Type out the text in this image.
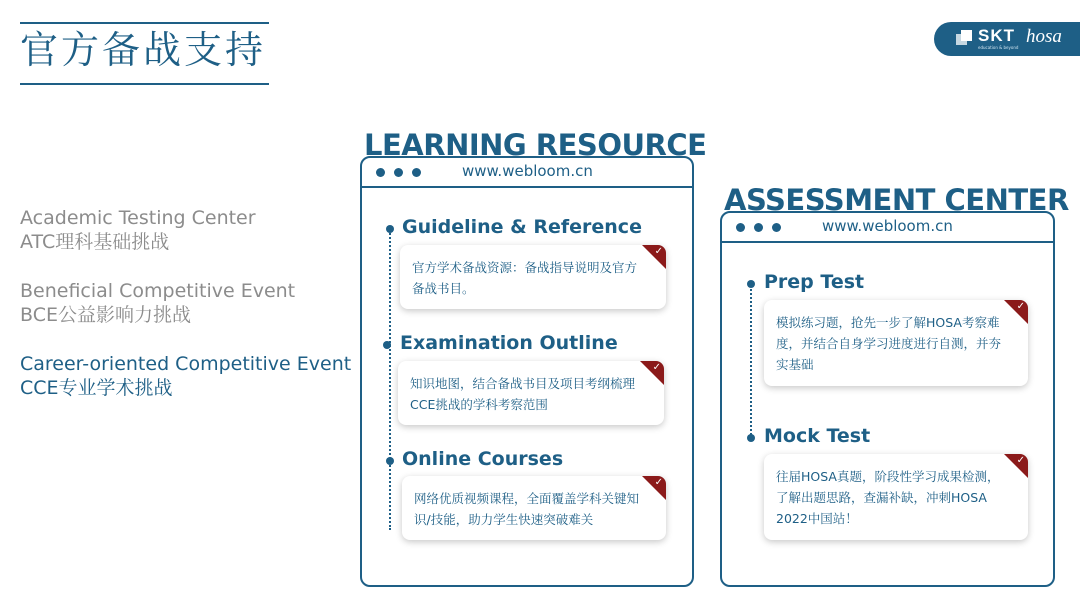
官方备战支持	SKT
education & beyond
hosa
Academic Testing Center
ATC理科基础挑战
Beneficial Competitive Event
BCE公益影响力挑战
Career-oriented Competitive Event
CCE专业学术挑战
LEARNING RESOURCE
www.webloom.cn
Guideline & Reference
官方学术备战资源：备战指导说明及官方备战书目。
✓
Examination Outline
知识地图，结合备战书目及项目考纲梳理CCE挑战的学科考察范围
✓
Online Courses
网络优质视频课程，全面覆盖学科关键知识/技能，助力学生快速突破难关
✓
ASSESSMENT CENTER
www.webloom.cn
Prep Test
模拟练习题，抢先一步了解HOSA考察难度，并结合自身学习进度进行自测，并夯实基础
✓
Mock Test
往届HOSA真题，阶段性学习成果检测，了解出题思路，查漏补缺，冲刺HOSA 2022中国站！
✓
